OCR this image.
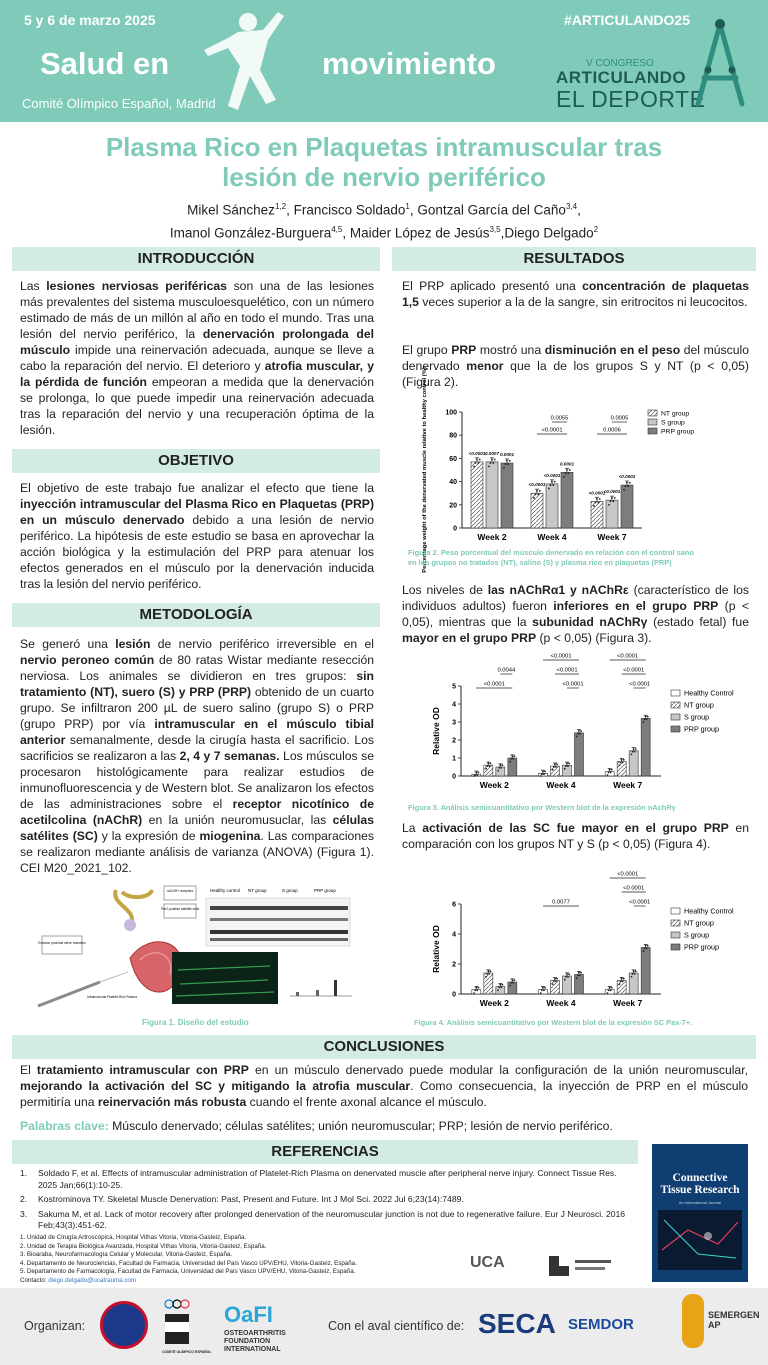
5 y 6 de marzo 2025	#ARTICULANDO25
Salud en	movimiento
Comité Olímpico Español, Madrid
V CONGRESO
ARTICULANDO
EL DEPORTE
Plasma Rico en Plaquetas intramuscular tras
lesión de nervio periférico
Mikel Sánchez$^{1,2}$, Francisco Soldado$^1$, Gontzal García del Caño$^{3,4}$,
Imanol González-Burguera$^{4,5}$, Maider López de Jesús$^{3,5}$,Diego Delgado$^2$
INTRODUCCIÓN
Las lesiones nerviosas periféricas son una de las lesiones más prevalentes del sistema musculoesquelético, con un número estimado de más de un millón al año en todo el mundo. Tras una lesión del nervio periférico, la denervación prolongada del músculo impide una reinervación adecuada, aunque se lleve a cabo la reparación del nervio. El deterioro y atrofia muscular, y la pérdida de función empeoran a medida que la denervación se prolonga, lo que puede impedir una reinervación adecuada tras la reparación del nervio y una recuperación óptima de la lesión.
OBJETIVO
El objetivo de este trabajo fue analizar el efecto que tiene la inyección intramuscular del Plasma Rico en Plaquetas (PRP) en un músculo denervado debido a una lesión de nervio periférico. La hipótesis de este estudio se basa en aprovechar la acción biológica y la estimulación del PRP para atenuar los efectos generados en el músculo por la denervación inducida tras la lesión del nervio periférico.
METODOLOGÍA
Se generó una lesión de nervio periférico irreversible en el nervio peroneo común de 80 ratas Wistar mediante resección nerviosa. Los animales se dividieron en tres grupos: sin tratamiento (NT), suero (S) y PRP (PRP) obtenido de un cuarto grupo. Se infiltraron 200 µL de suero salino (grupo S) o PRP (grupo PRP) por vía intramuscular en el músculo tibial anterior semanalmente, desde la cirugía hasta el sacrificio. Los sacrificios se realizaron a las 2, 4 y 7 semanas. Los músculos se procesaron histológicamente para realizar estudios de inmunofluorescencia y de Western blot. Se analizaron los efectos de las administraciones sobre el receptor nicotínico de acetilcolina (nAChR) en la unión neuromusuclar, las células satélites (SC) y la expresión de miogenina. Las comparaciones se realizaron mediante análisis de varianza (ANOVA) (Figura 1). CEI M20_2021_102.
nAChR+ receptors
Pax7-positive satellite cells
Excision proximal nerve resection
Intramuscular Platelet-Rich Plasma
Healthy control NT group	S group	PRP group
Figura 1. Diseño del estudio
RESULTADOS
El PRP aplicado presentó una concentración de plaquetas 1,5 veces superior a la de la sangre, sin eritrocitos ni leucocitos.
El grupo PRP mostró una disminución en el peso del músculo denervado menor que la de los grupos S y NT (p < 0,05) (Figura 2).
0
20
40
60
80
100
Percentage weight of the denervated muscle relative to healthy control (%)	Week 2
<0.0001 0.0007 0.0001
Week 4
<0.0001
<0.0001
0.0001
Week 7
<0.0001
<0.0001
<0.0001
<0.0001
0.0055
0.0006
0.0005
NT group
S group
PRP group
Figura 2. Peso porcentual del músculo denervado en relación con el control sano
en los grupos no tratados (NT), salino (S) y plasma rico en plaquetas (PRP)
Los niveles de las nAChRα1 y nAChRε (característico de los individuos adultos) fueron inferiores en el grupo PRP (p < 0,05), mientras que la subunidad nAChRγ (estado fetal) fue mayor en el grupo PRP (p < 0,05) (Figura 3).
0
1
2
3
4
5
Relative OD
Week 2	Week 4	Week 7
<0.0001
0.0044
<0.0001
<0.0001
<0.0001
<0.0001
<0.0001
<0.0001
Healthy Control
NT group
S group
PRP group
Figura 3. Análisis semicuantitativo por Western blot de la expresión nAchRγ
La activación de las SC fue mayor en el grupo PRP en comparación con los grupos NT y S (p < 0,05) (Figura 4).
0
2
4
6
Relative OD
Week 2	Week 4	Week 7
0.0077
<0.0001
<0.0001
<0.0001
Healthy Control
NT group
S group
PRP group
Figura 4. Análisis semicuantitativo por Western blot de la expresión SC Pax-7+.
CONCLUSIONES
El tratamiento intramuscular con PRP en un músculo denervado puede modular la configuración de la unión neuromuscular, mejorando la activación del SC y mitigando la atrofia muscular. Como consecuencia, la inyección de PRP en el músculo permitiría una reinervación más robusta cuando el frente axonal alcance el músculo.
Palabras clave: Músculo denervado; células satélites; unión neuromuscular; PRP; lesión de nervio periférico.
REFERENCIAS
1.	Soldado F, et al. Effects of intramuscular administration of Platelet-Rich Plasma on denervated muscle after peripheral nerve injury. Connect Tissue Res. 2025 Jan;66(1):10-25.
2.	Kostrominova TY. Skeletal Muscle Denervation: Past, Present and Future. Int J Mol Sci. 2022 Jul 6;23(14):7489.
3.	Sakuma M, et al. Lack of motor recovery after prolonged denervation of the neuromuscular junction is not due to regenerative failure. Eur J Neurosci. 2016 Feb;43(3):451-62.
Connective Tissue Research
An International Journal
1. Unidad de Cirugía Artroscópica, Hospital Vithas Vitoria, Vitoria-Gasteiz, España.
2. Unidad de Terapia Biológica Avanzada, Hospital Vithas Vitoria, Vitoria-Gasteiz, España.
3. Bioaraba, Neurofarmacología Celular y Molecular, Vitoria-Gasteiz, España.
4. Departamento de Neurociencias, Facultad de Farmacia, Universidad del País Vasco UPV/EHU, Vitoria-Gasteiz, España.
5. Departamento de Farmacología, Facultad de Farmacia, Universidad del País Vasco UPV/EHU, Vitoria-Gasteiz, España.
Contacto: diego.delgado@ucatrauma.com
UCA
Organizan:
COMITÉ OLÍMPICO ESPAÑOL
OaFI
OSTEOARTHRITIS FOUNDATION INTERNATIONAL
Con el aval científico de: SECA SEMDOR
SEMERGEN AP
